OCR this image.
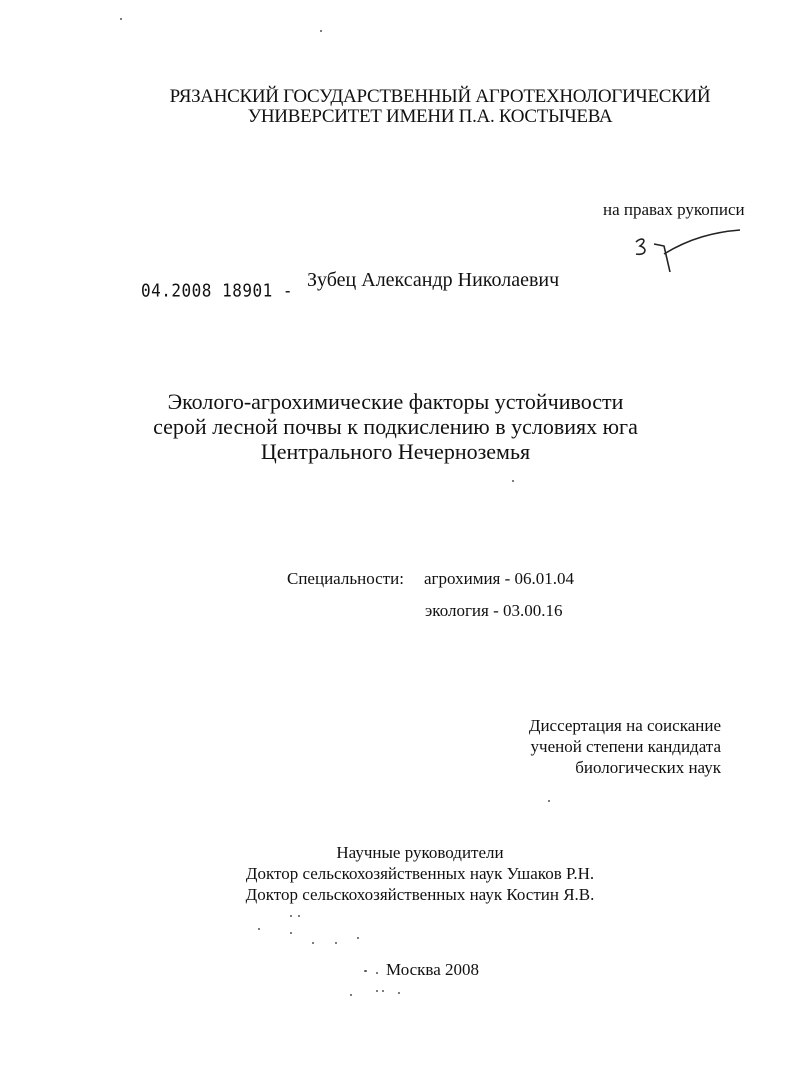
РЯЗАНСКИЙ ГОСУДАРСТВЕННЫЙ АГРОТЕХНОЛОГИЧЕСКИЙ
УНИВЕРСИТЕТ ИМЕНИ П.А. КОСТЫЧЕВА
на правах рукописи
04.2008 18901 - Зубец Александр Николаевич
Эколого-агрохимические факторы устойчивости
серой лесной почвы к подкислению в условиях юга
Центрального Нечерноземья
Специальности: агрохимия - 06.01.04
экология - 03.00.16
Диссертация на соискание
ученой степени кандидата
биологических наук
Научные руководители
Доктор сельскохозяйственных наук Ушаков Р.Н.
Доктор сельскохозяйственных наук Костин Я.В.
Москва 2008
